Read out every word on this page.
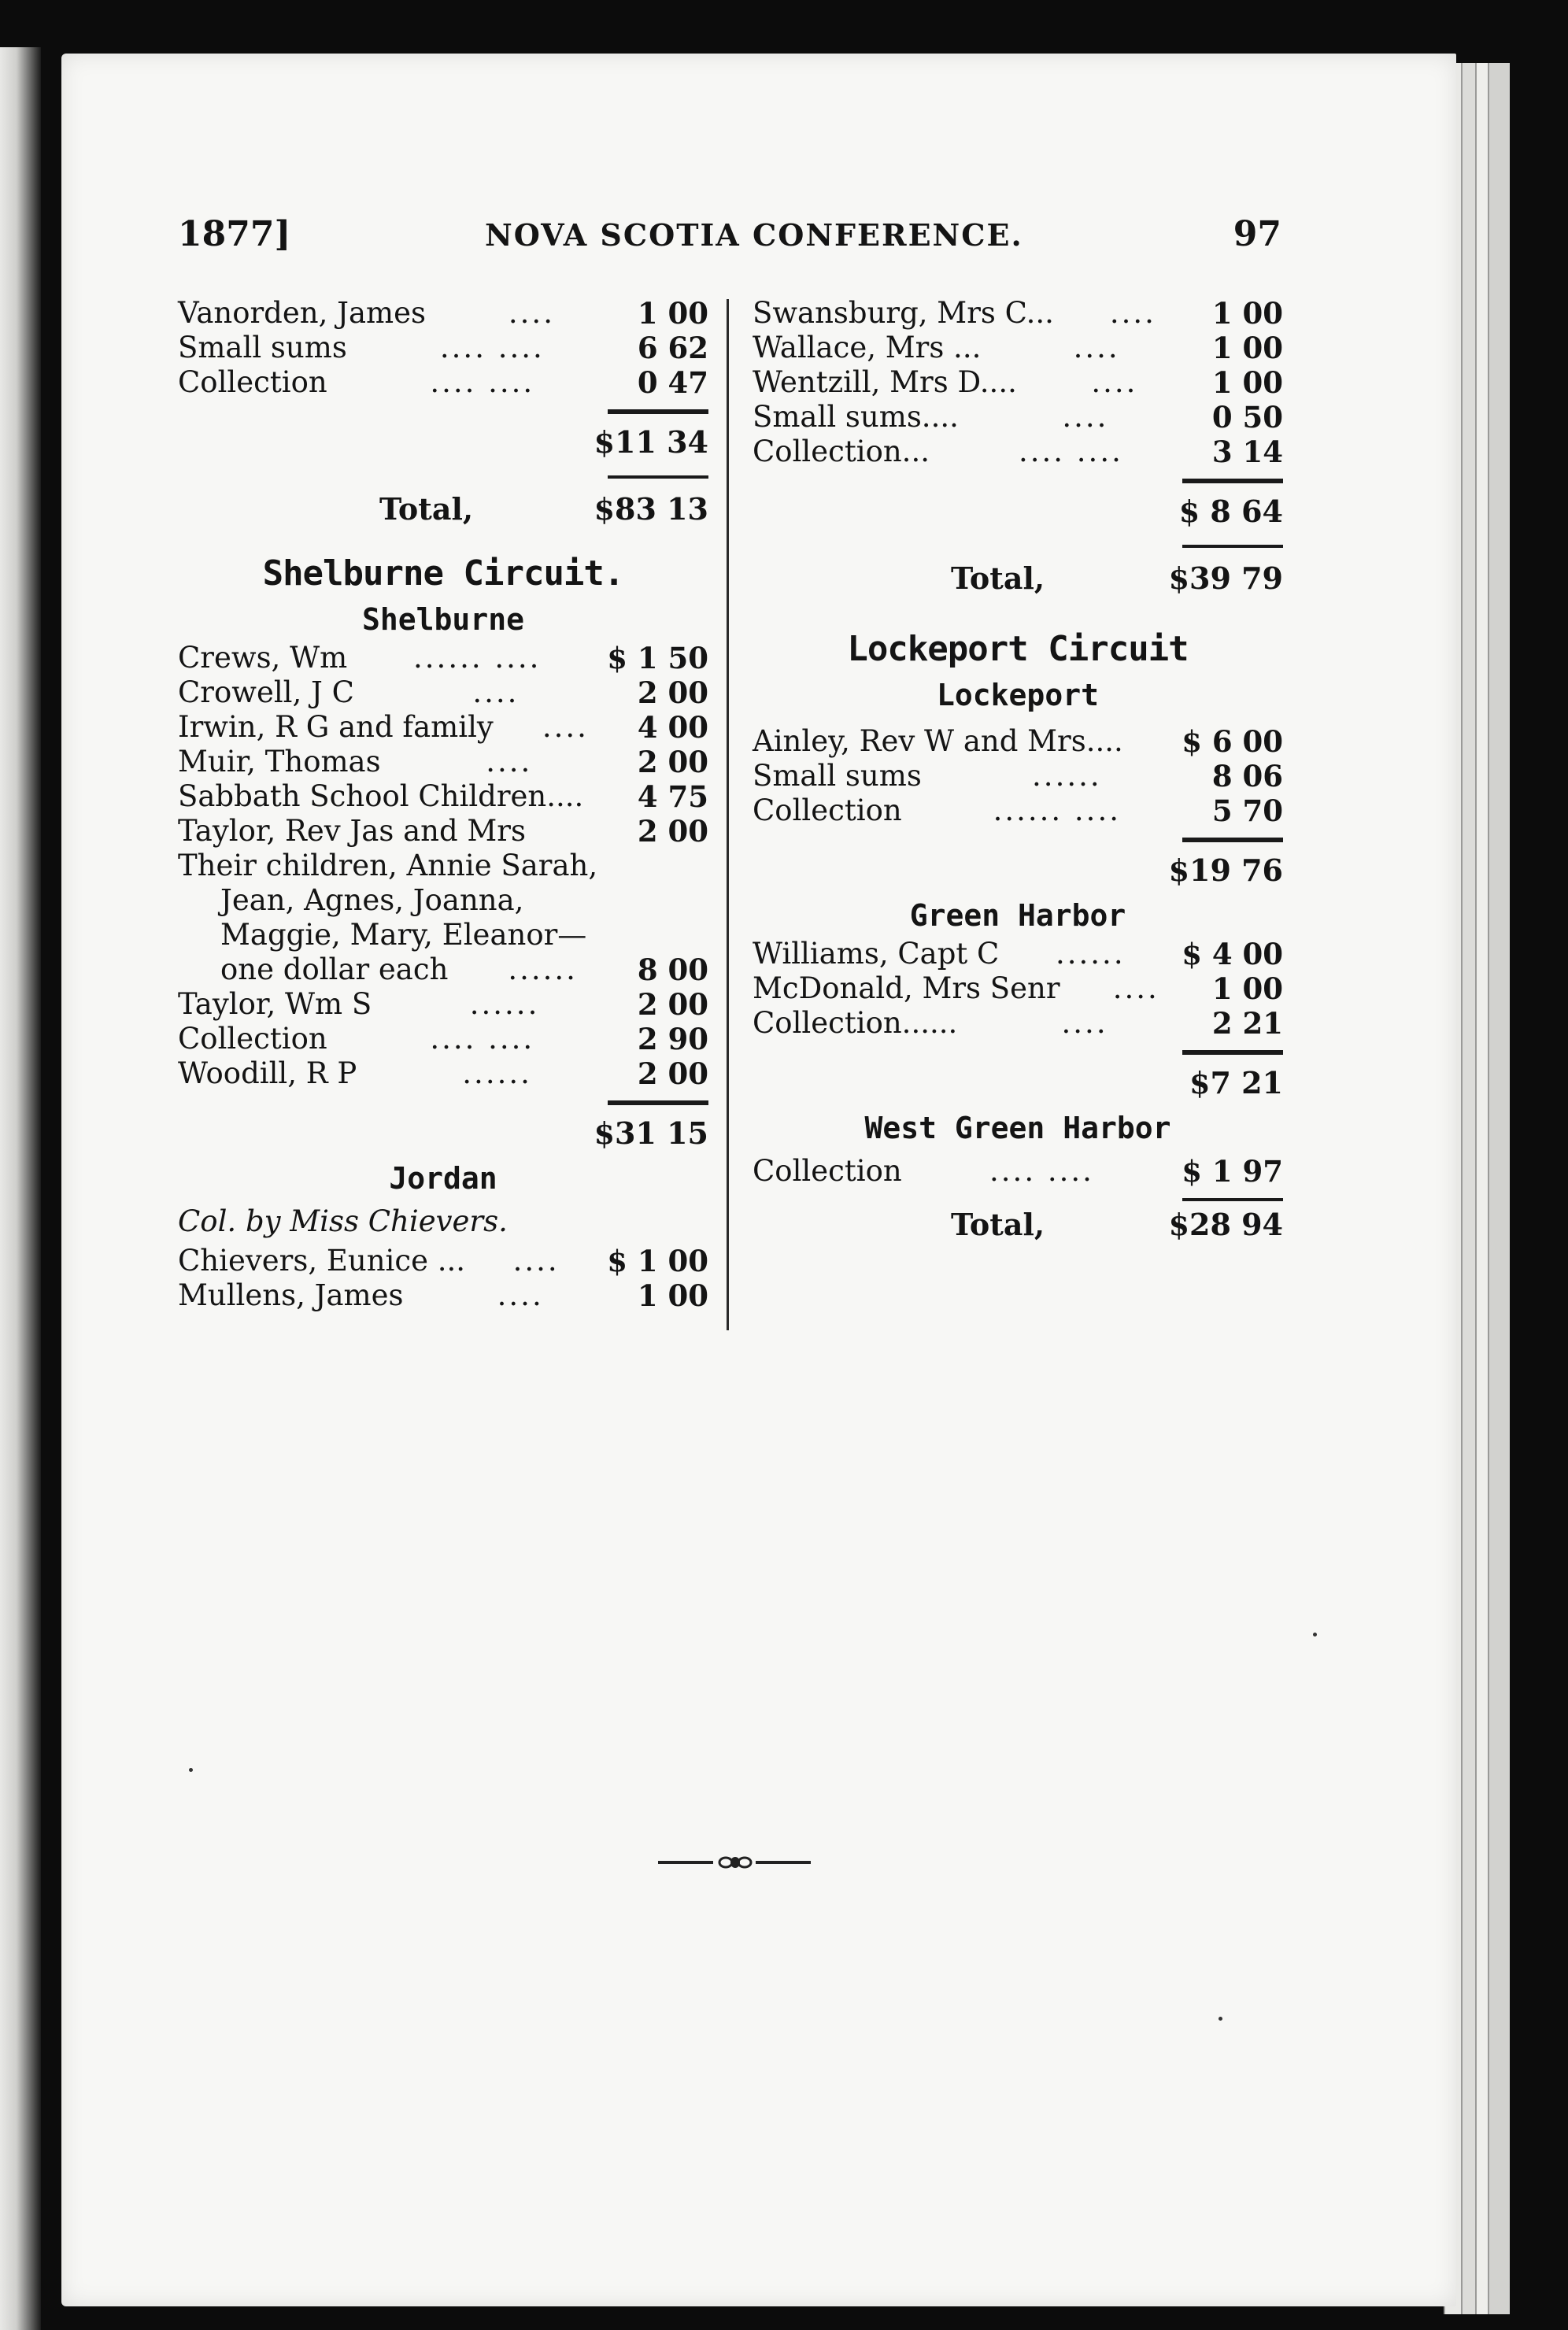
1877]	NOVA SCOTIA CONFERENCE.	97
Vanorden, James	....	1 00
Small sums	.... ....	6 62
Collection	.... ....	0 47
$11 34
Total,	$83 13
Shelburne Circuit.
Shelburne
Crews, Wm ...... .... $ 1 50
Crowell, J C	....	2 00
Irwin, R G and family .... 4 00
Muir, Thomas	....	2 00
Sabbath School Children.... 4 75
Taylor, Rev Jas and Mrs	2 00
Their children, Annie Sarah,
Jean, Agnes, Joanna,
Maggie, Mary, Eleanor—
one dollar each ...... 8 00
Taylor, Wm S	......	2 00
Collection	.... ....	2 90
Woodill, R P	......	2 00
$31 15
Jordan
Col. by Miss Chievers.
Chievers, Eunice ... .... $ 1 00
Mullens, James	....	1 00
Swansburg, Mrs C... .... 1 00
Wallace, Mrs ...	....	1 00
Wentzill, Mrs D....	....	1 00
Small sums....	....	0 50
Collection...	.... ....	3 14
$ 8 64
Total,	$39 79
Lockeport Circuit
Lockeport
Ainley, Rev W and Mrs.... $ 6 00
Small sums	......	8 06
Collection	...... ....	5 70
$19 76
Green Harbor
Williams, Capt C ...... $ 4 00
McDonald, Mrs Senr .... 1 00
Collection......	....	2 21
$7 21
West Green Harbor
Collection	.... ....	$ 1 97
Total,	$28 94
